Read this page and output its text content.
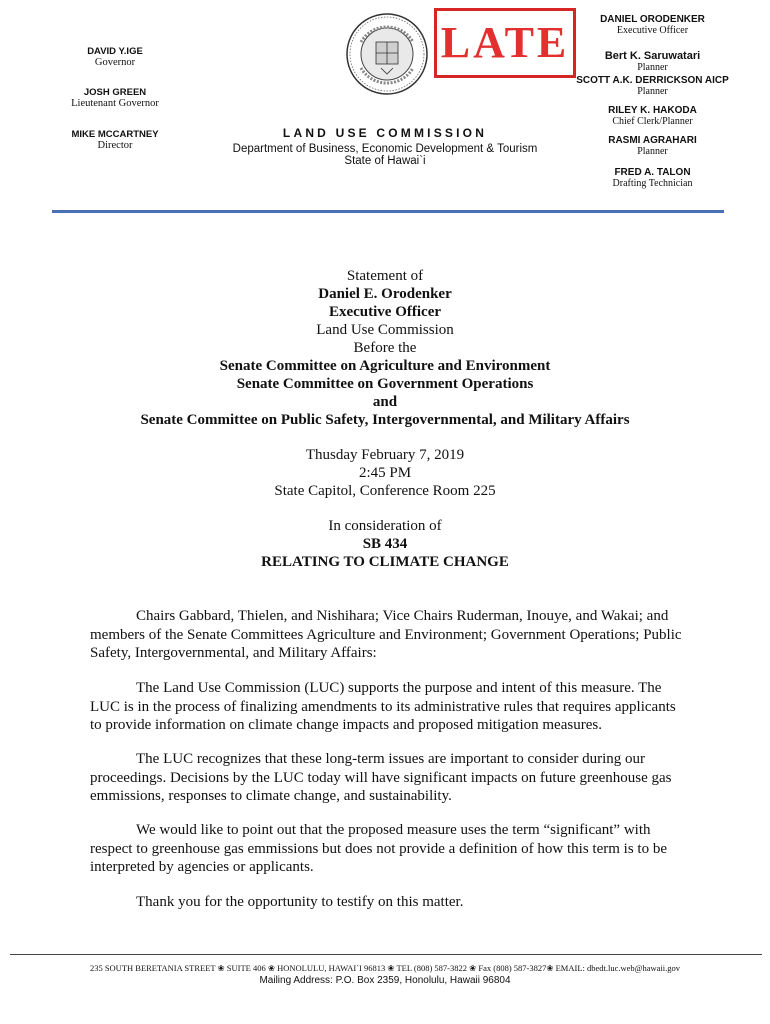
DAVID Y.IGE
Governor
JOSH GREEN
Lieutenant Governor
MIKE MCCARTNEY
Director
LATE
LAND USE COMMISSION
Department of Business, Economic Development & Tourism
State of Hawai`i
DANIEL ORODENKER
Executive Officer
Bert K. Saruwatari
Planner
SCOTT A.K. DERRICKSON AICP
Planner
RILEY K. HAKODA
Chief Clerk/Planner
RASMI AGRAHARI
Planner
FRED A. TALON
Drafting Technician
Statement of
Daniel E. Orodenker
Executive Officer
Land Use Commission
Before the
Senate Committee on Agriculture and Environment
Senate Committee on Government Operations
and
Senate Committee on Public Safety, Intergovernmental, and Military Affairs
Thusday February 7, 2019
2:45 PM
State Capitol, Conference Room 225
In consideration of
SB 434
RELATING TO CLIMATE CHANGE
Chairs Gabbard, Thielen, and Nishihara; Vice Chairs Ruderman, Inouye, and Wakai; and members of the Senate Committees Agriculture and Environment; Government Operations; Public Safety, Intergovernmental, and Military Affairs:
The Land Use Commission (LUC) supports the purpose and intent of this measure. The LUC is in the process of finalizing amendments to its administrative rules that requires applicants to provide information on climate change impacts and proposed mitigation measures.
The LUC recognizes that these long-term issues are important to consider during our proceedings. Decisions by the LUC today will have significant impacts on future greenhouse gas emmissions, responses to climate change, and sustainability.
We would like to point out that the proposed measure uses the term “significant” with respect to greenhouse gas emmissions but does not provide a definition of how this term is to be interpreted by agencies or applicants.
Thank you for the opportunity to testify on this matter.
235 SOUTH BERETANIA STREET ❀ SUITE 406 ❀ HONOLULU, HAWAI`I 96813 ❀ TEL (808) 587-3822 ❀ Fax (808) 587-3827❀ EMAIL: dbedt.luc.web@hawaii.gov
Mailing Address: P.O. Box 2359, Honolulu, Hawaii 96804
